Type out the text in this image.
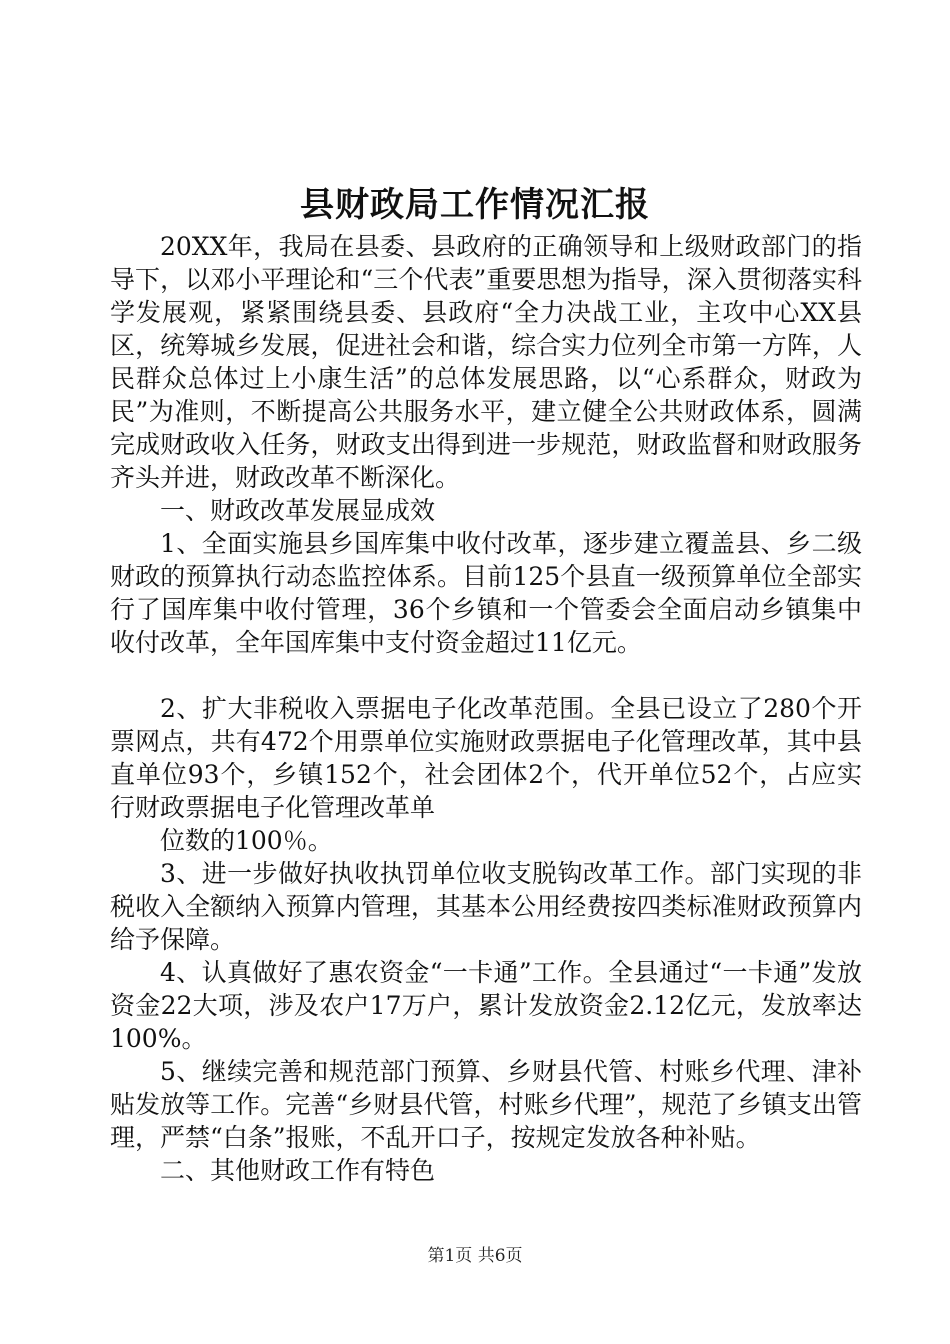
县财政局工作情况汇报

20XX年，我局在县委、县政府的正确领导和上级财政部门的指导下，以邓小平理论和“三个代表”重要思想为指导，深入贯彻落实科学发展观，紧紧围绕县委、县政府“全力决战工业，主攻中心XX县区，统筹城乡发展，促进社会和谐，综合实力位列全市第一方阵，人民群众总体过上小康生活”的总体发展思路，以“心系群众，财政为民”为准则，不断提高公共服务水平，建立健全公共财政体系，圆满完成财政收入任务，财政支出得到进一步规范，财政监督和财政服务齐头并进，财政改革不断深化。

一、财政改革发展显成效

1、全面实施县乡国库集中收付改革，逐步建立覆盖县、乡二级财政的预算执行动态监控体系。目前125个县直一级预算单位全部实行了国库集中收付管理，36个乡镇和一个管委会全面启动乡镇集中收付改革，全年国库集中支付资金超过11亿元。

2、扩大非税收入票据电子化改革范围。全县已设立了280个开票网点，共有472个用票单位实施财政票据电子化管理改革，其中县直单位93个，乡镇152个，社会团体2个，代开单位52个，占应实行财政票据电子化管理改革单

位数的100％。

3、进一步做好执收执罚单位收支脱钩改革工作。部门实现的非税收入全额纳入预算内管理，其基本公用经费按四类标准财政预算内给予保障。

4、认真做好了惠农资金“一卡通”工作。全县通过“一卡通”发放资金22大项，涉及农户17万户，累计发放资金2.12亿元，发放率达100%。

5、继续完善和规范部门预算、乡财县代管、村账乡代理、津补贴发放等工作。完善“乡财县代管，村账乡代理”，规范了乡镇支出管理，严禁“白条”报账，不乱开口子，按规定发放各种补贴。

二、其他财政工作有特色

第1页 共6页
